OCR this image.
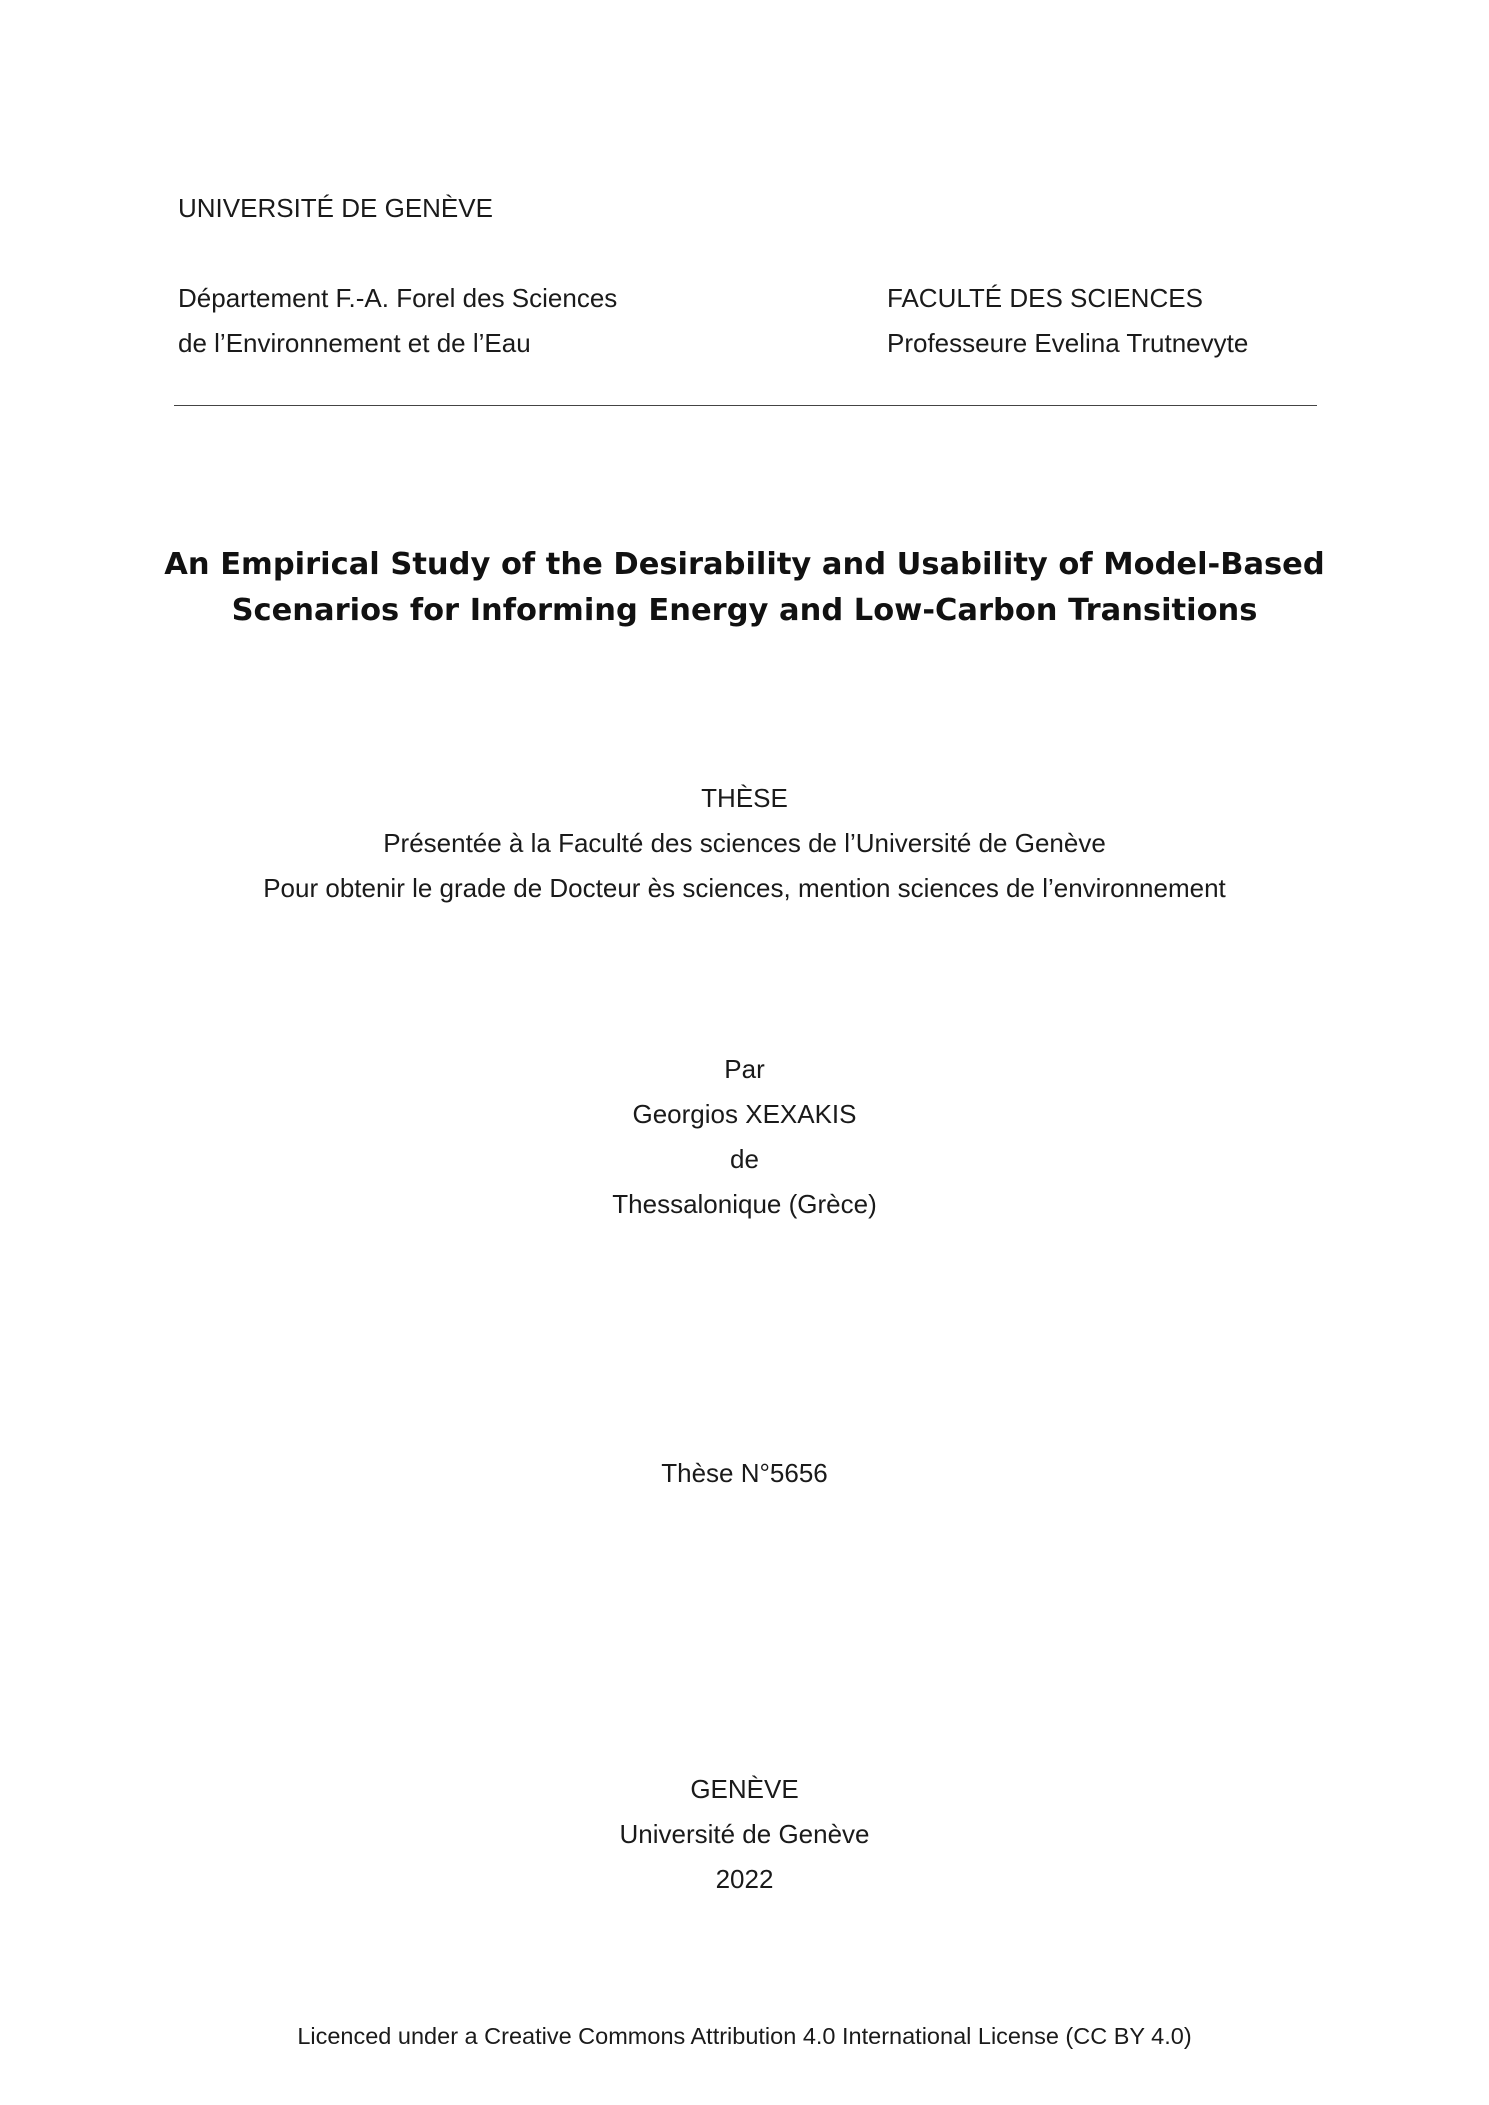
UNIVERSITÉ DE GENÈVE
Département F.-A. Forel des Sciences
de l’Environnement et de l’Eau
FACULTÉ DES SCIENCES
Professeure Evelina Trutnevyte
An Empirical Study of the Desirability and Usability of Model-Based
Scenarios for Informing Energy and Low-Carbon Transitions
THÈSE
Présentée à la Faculté des sciences de l’Université de Genève
Pour obtenir le grade de Docteur ès sciences, mention sciences de l’environnement
Par
Georgios XEXAKIS
de
Thessalonique (Grèce)
Thèse N°5656
GENÈVE
Université de Genève
2022
Licenced under a Creative Commons Attribution 4.0 International License (CC BY 4.0)
